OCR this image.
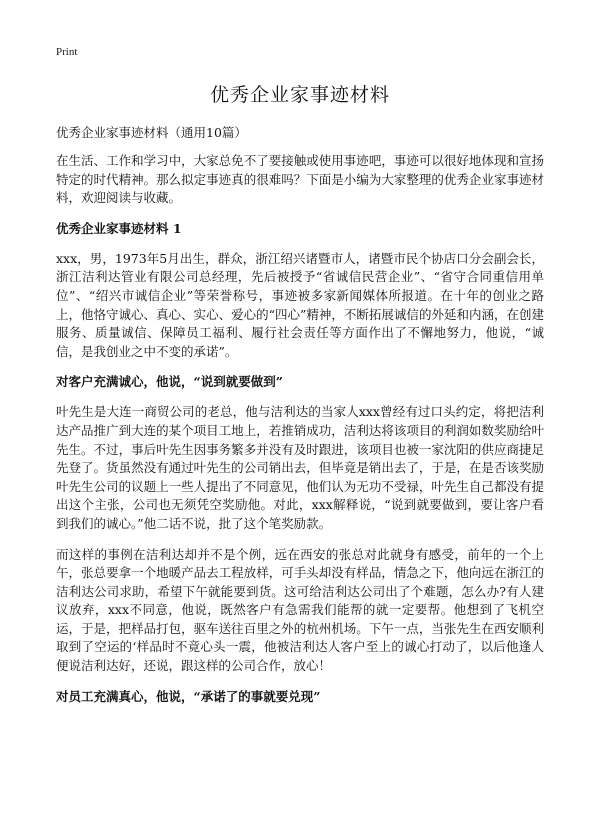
Print
优秀企业家事迹材料
优秀企业家事迹材料（通用10篇）

在生活、工作和学习中，大家总免不了要接触或使用事迹吧，事迹可以很好地体现和宣扬特定的时代精神。那么拟定事迹真的很难吗？下面是小编为大家整理的优秀企业家事迹材料，欢迎阅读与收藏。

优秀企业家事迹材料 1

xxx，男，1973年5月出生，群众，浙江绍兴诸暨市人，诸暨市民个协店口分会副会长，浙江洁利达管业有限公司总经理，先后被授予“省诚信民营企业”、“省守合同重信用单位”、“绍兴市诚信企业”等荣誉称号，事迹被多家新闻媒体所报道。在十年的创业之路上，他恪守诚心、真心、实心、爱心的“四心”精神，不断拓展诚信的外延和内涵，在创建服务、质量诚信、保障员工福利、履行社会责任等方面作出了不懈地努力，他说，“诚信，是我创业之中不变的承诺”。

对客户充满诚心，他说，“说到就要做到”

叶先生是大连一商贸公司的老总，他与洁利达的当家人xxx曾经有过口头约定，将把洁利达产品推广到大连的某个项目工地上，若推销成功，洁利达将该项目的利润如数奖励给叶先生。不过，事后叶先生因事务繁多并没有及时跟进，该项目也被一家沈阳的供应商捷足先登了。货虽然没有通过叶先生的公司销出去，但毕竟是销出去了，于是，在是否该奖励叶先生公司的议题上一些人提出了不同意见，他们认为无功不受禄，叶先生自己都没有提出这个主张，公司也无须凭空奖励他。对此，xxx解释说，“说到就要做到，要让客户看到我们的诚心。”他二话不说，批了这个笔奖励款。

而这样的事例在洁利达却并不是个例，远在西安的张总对此就身有感受，前年的一个上午，张总要拿一个地暖产品去工程放样，可手头却没有样品，情急之下，他向远在浙江的洁利达公司求助，希望下午就能要到货。这可给洁利达公司出了个难题，怎么办?有人建议放弃，xxx不同意，他说，既然客户有急需我们能帮的就一定要帮。他想到了飞机空运，于是，把样品打包，驱车送往百里之外的杭州机场。下午一点，当张先生在西安顺利取到了空运的‘样品时不竟心头一震，他被洁利达人客户至上的诚心打动了，以后他逢人便说洁利达好，还说，跟这样的公司合作，放心！

对员工充满真心，他说，“承诺了的事就要兑现”
